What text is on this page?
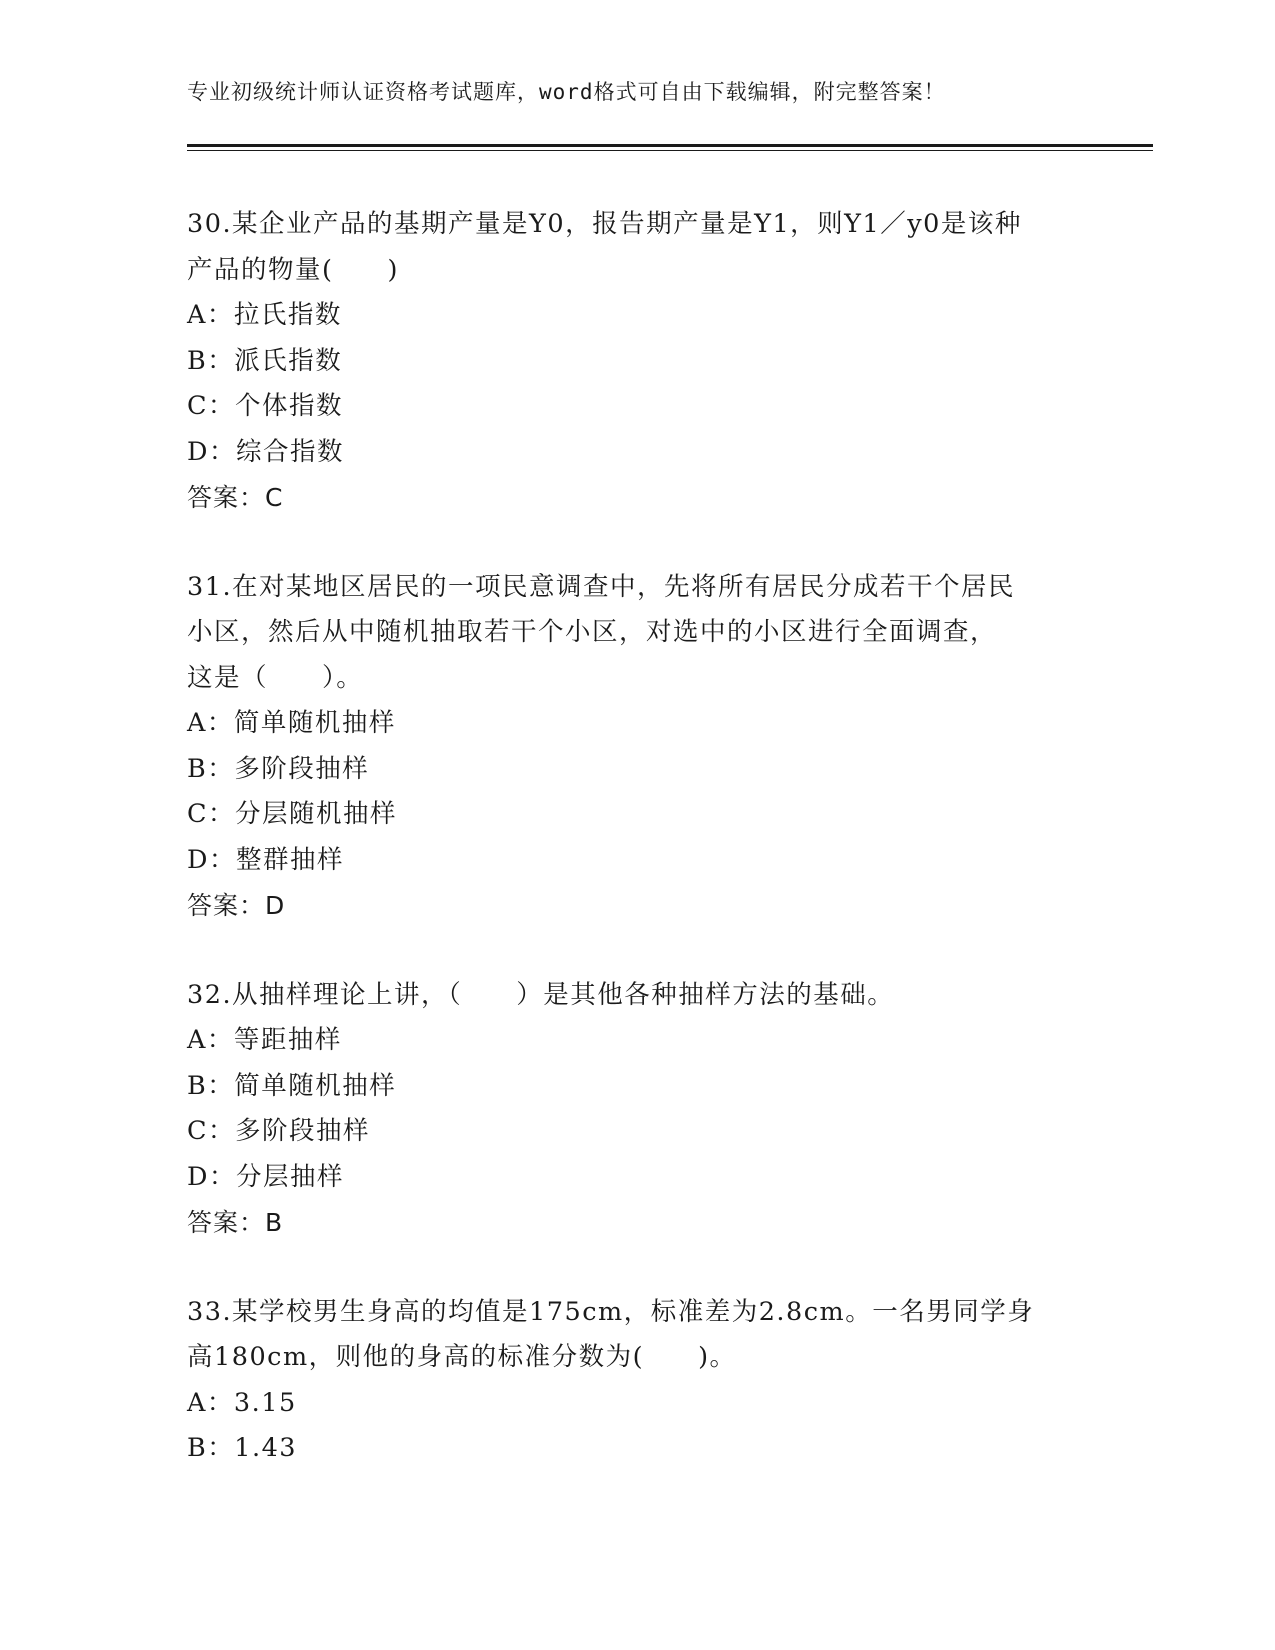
专业初级统计师认证资格考试题库，word格式可自由下载编辑，附完整答案！

30.某企业产品的基期产量是Y0，报告期产量是Y1，则Y1／y0是该种

产品的物量(　　)

A：拉氏指数

B：派氏指数

C：个体指数

D：综合指数

答案：C

31.在对某地区居民的一项民意调查中，先将所有居民分成若干个居民

小区，然后从中随机抽取若干个小区，对选中的小区进行全面调查，

这是（　　）。

A：简单随机抽样

B：多阶段抽样

C：分层随机抽样

D：整群抽样

答案：D

32.从抽样理论上讲，（　　）是其他各种抽样方法的基础。

A：等距抽样

B：简单随机抽样

C：多阶段抽样

D：分层抽样

答案：B

33.某学校男生身高的均值是175cm，标准差为2.8cm。一名男同学身

高180cm，则他的身高的标准分数为(　　)。

A：3.15

B：1.43
